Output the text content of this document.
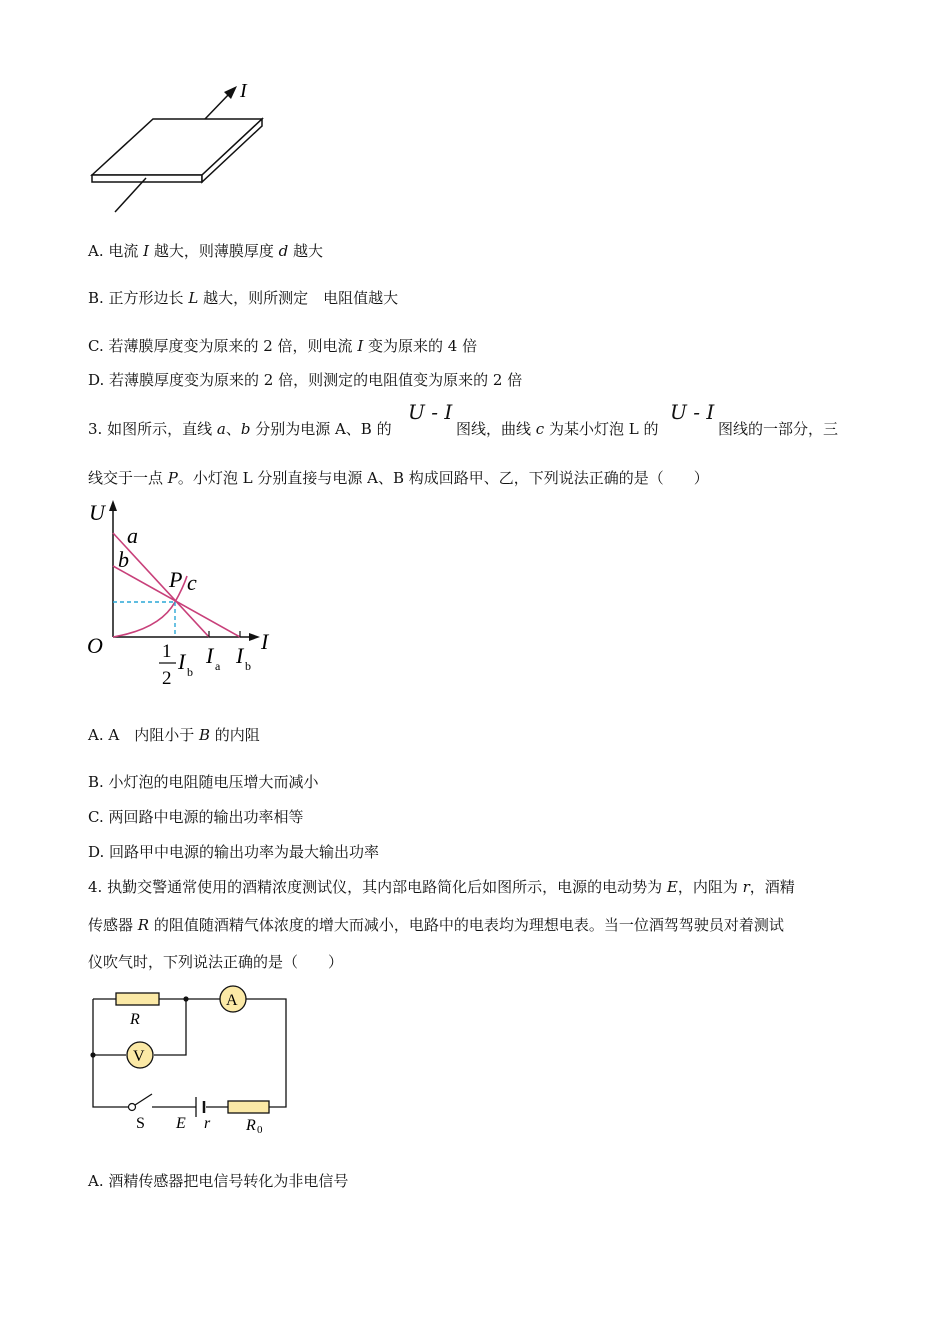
I
A. 电流 I 越大，则薄膜厚度 d 越大
B. 正方形边长 L 越大，则所测定　电阻值越大
C. 若薄膜厚度变为原来的 2 倍，则电流 I 变为原来的 4 倍
D. 若薄膜厚度变为原来的 2 倍，则测定的电阻值变为原来的 2 倍
3. 如图所示，直线 a、b 分别为电源 A、B 的
U - I
图线，曲线 c 为某小灯泡 L 的
U - I
图线的一部分，三
线交于一点 P。小灯泡 L 分别直接与电源 A、B 构成回路甲、乙，下列说法正确的是（　　）
U
I
O
a
b
P c
1
2
I b
I a I b
A. A　内阻小于 B 的内阻
B. 小灯泡的电阻随电压增大而减小
C. 两回路中电源的输出功率相等
D. 回路甲中电源的输出功率为最大输出功率
4. 执勤交警通常使用的酒精浓度测试仪，其内部电路简化后如图所示，电源的电动势为 E，内阻为 r，酒精
传感器 R 的阻值随酒精气体浓度的增大而减小，电路中的电表均为理想电表。当一位酒驾驾驶员对着测试
仪吹气时，下列说法正确的是（　　）
R
A
V
S E r R 0
A. 酒精传感器把电信号转化为非电信号
